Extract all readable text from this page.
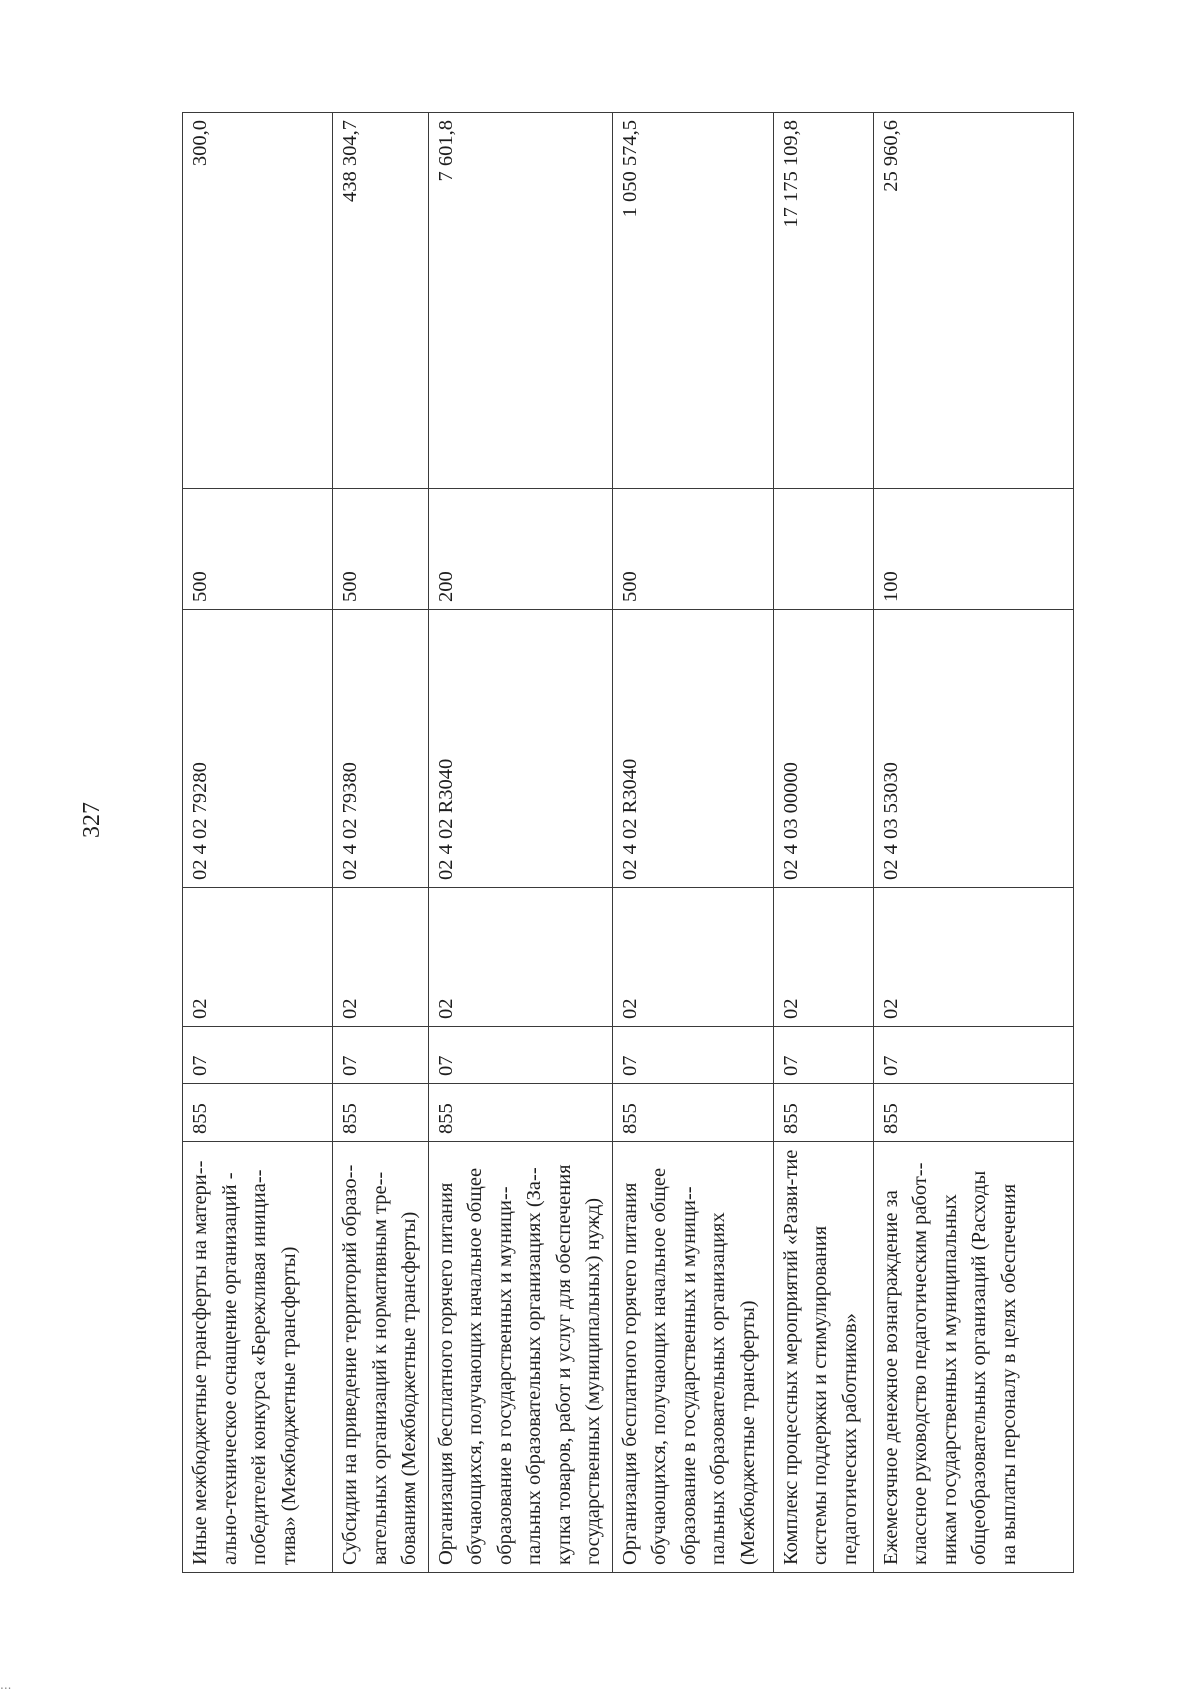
327
Иные межбюджетные трансферты на матери-ально-техническое оснащение организаций - победителей конкурса «Бережливая инициа-тива» (Межбюджетные трансферты)	855	07	02	02 4 02 79280	500	300,0
Субсидии на приведение территорий образо-вательных организаций к нормативным тре-бованиям (Межбюджетные трансферты)	855	07	02	02 4 02 79380	500	438 304,7
Организация бесплатного горячего питания обучающихся, получающих начальное общее образование в государственных и муници-пальных образовательных организациях (За-купка товаров, работ и услуг для обеспечения государственных (муниципальных) нужд)	855	07	02	02 4 02 R3040	200	7 601,8
Организация бесплатного горячего питания обучающихся, получающих начальное общее образование в государственных и муници-пальных образовательных организациях (Межбюджетные трансферты)	855	07	02	02 4 02 R3040	500	1 050 574,5
Комплекс процессных мероприятий «Разви-тие системы поддержки и стимулирования педагогических работников»	855	07	02	02 4 03 00000		17 175 109,8
Ежемесячное денежное вознаграждение за классное руководство педагогическим работ-никам государственных и муниципальных общеобразовательных организаций (Расходы на выплаты персоналу в целях обеспечения	855	07	02	02 4 03 53030	100	25 960,6
...
